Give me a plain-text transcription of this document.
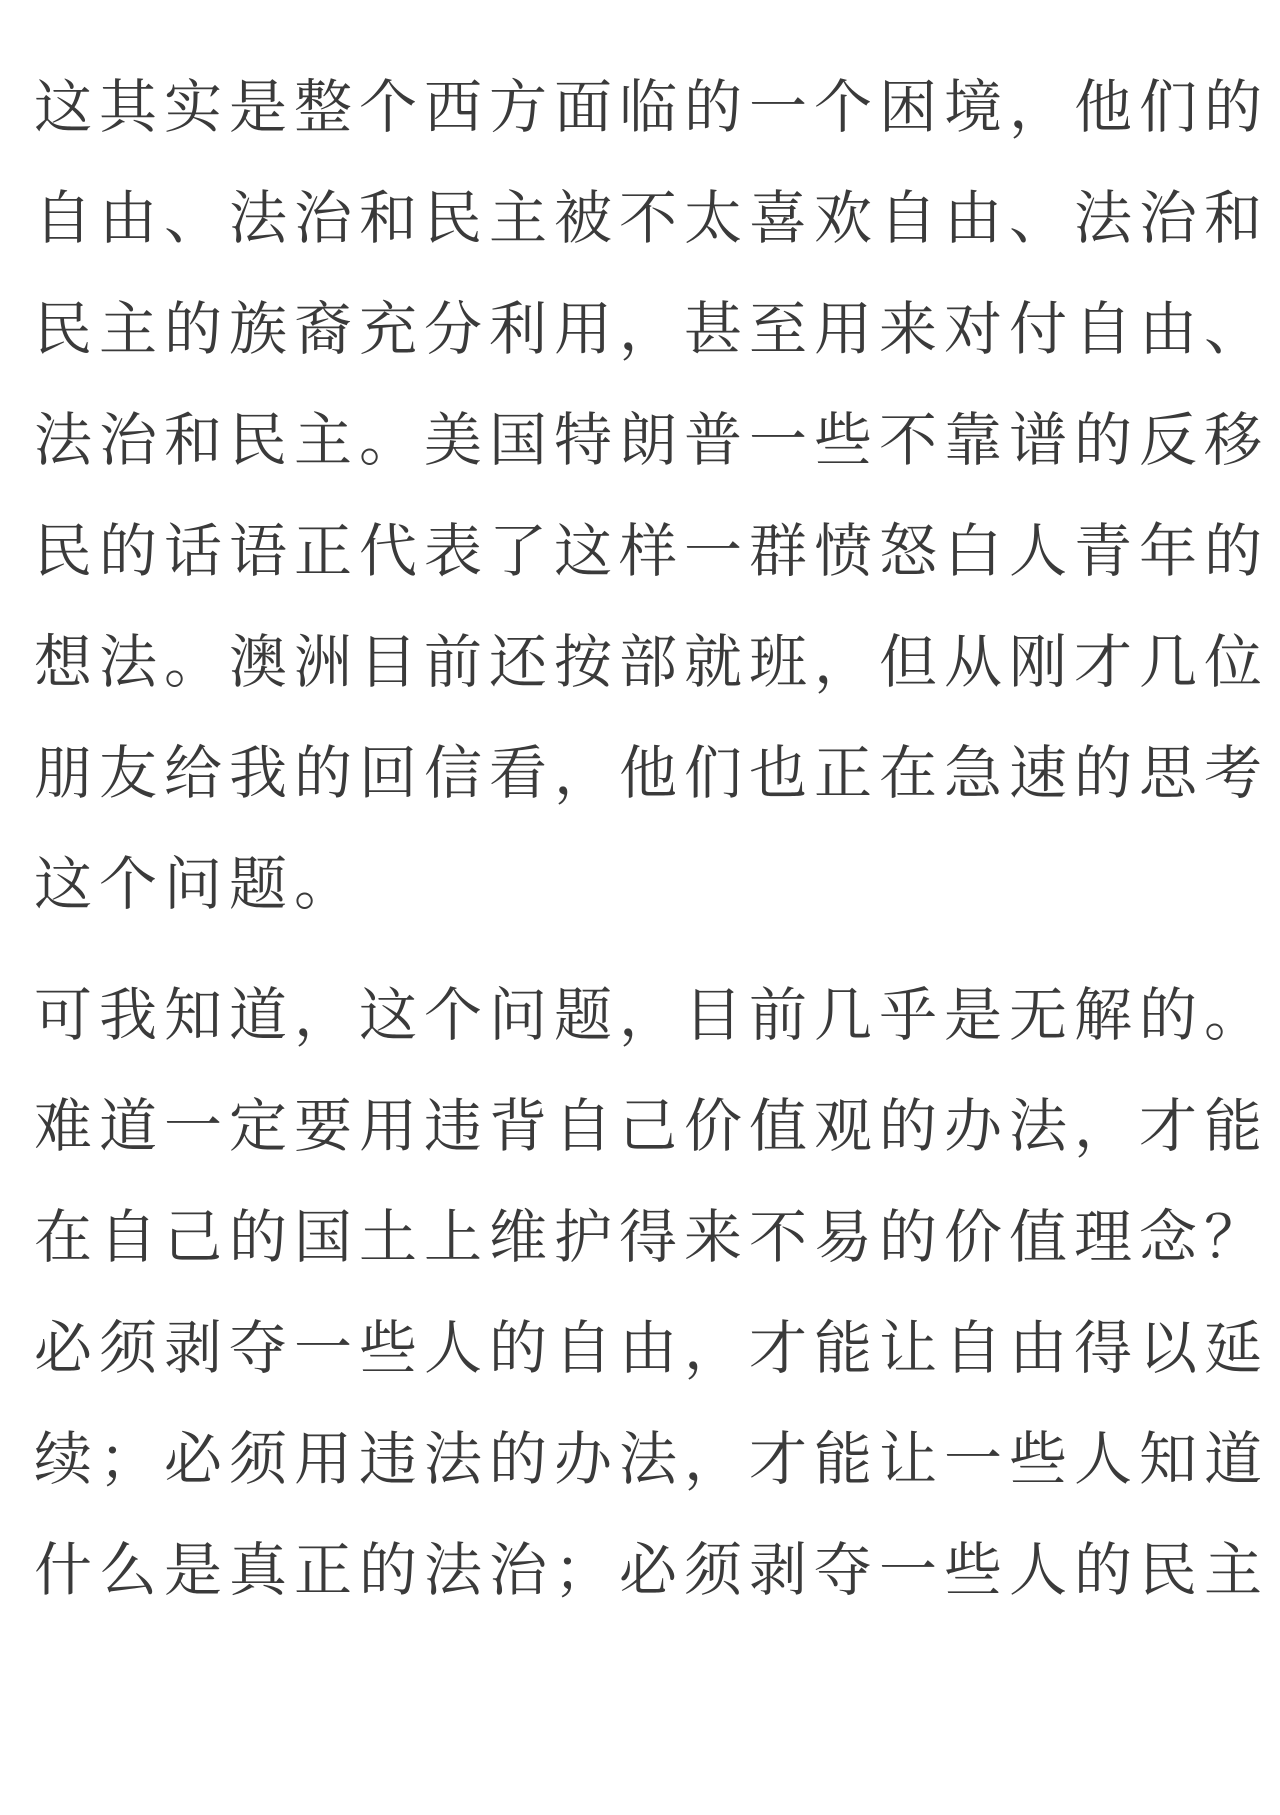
这其实是整个西方面临的一个困境，他们的
自由、法治和民主被不太喜欢自由、法治和
民主的族裔充分利用，甚至用来对付自由、
法治和民主。美国特朗普一些不靠谱的反移
民的话语正代表了这样一群愤怒白人青年的
想法。澳洲目前还按部就班，但从刚才几位
朋友给我的回信看，他们也正在急速的思考
这个问题。
可我知道，这个问题，目前几乎是无解的。
难道一定要用违背自己价值观的办法，才能
在自己的国土上维护得来不易的价值理念？
必须剥夺一些人的自由，才能让自由得以延
续；必须用违法的办法，才能让一些人知道
什么是真正的法治；必须剥夺一些人的民主
